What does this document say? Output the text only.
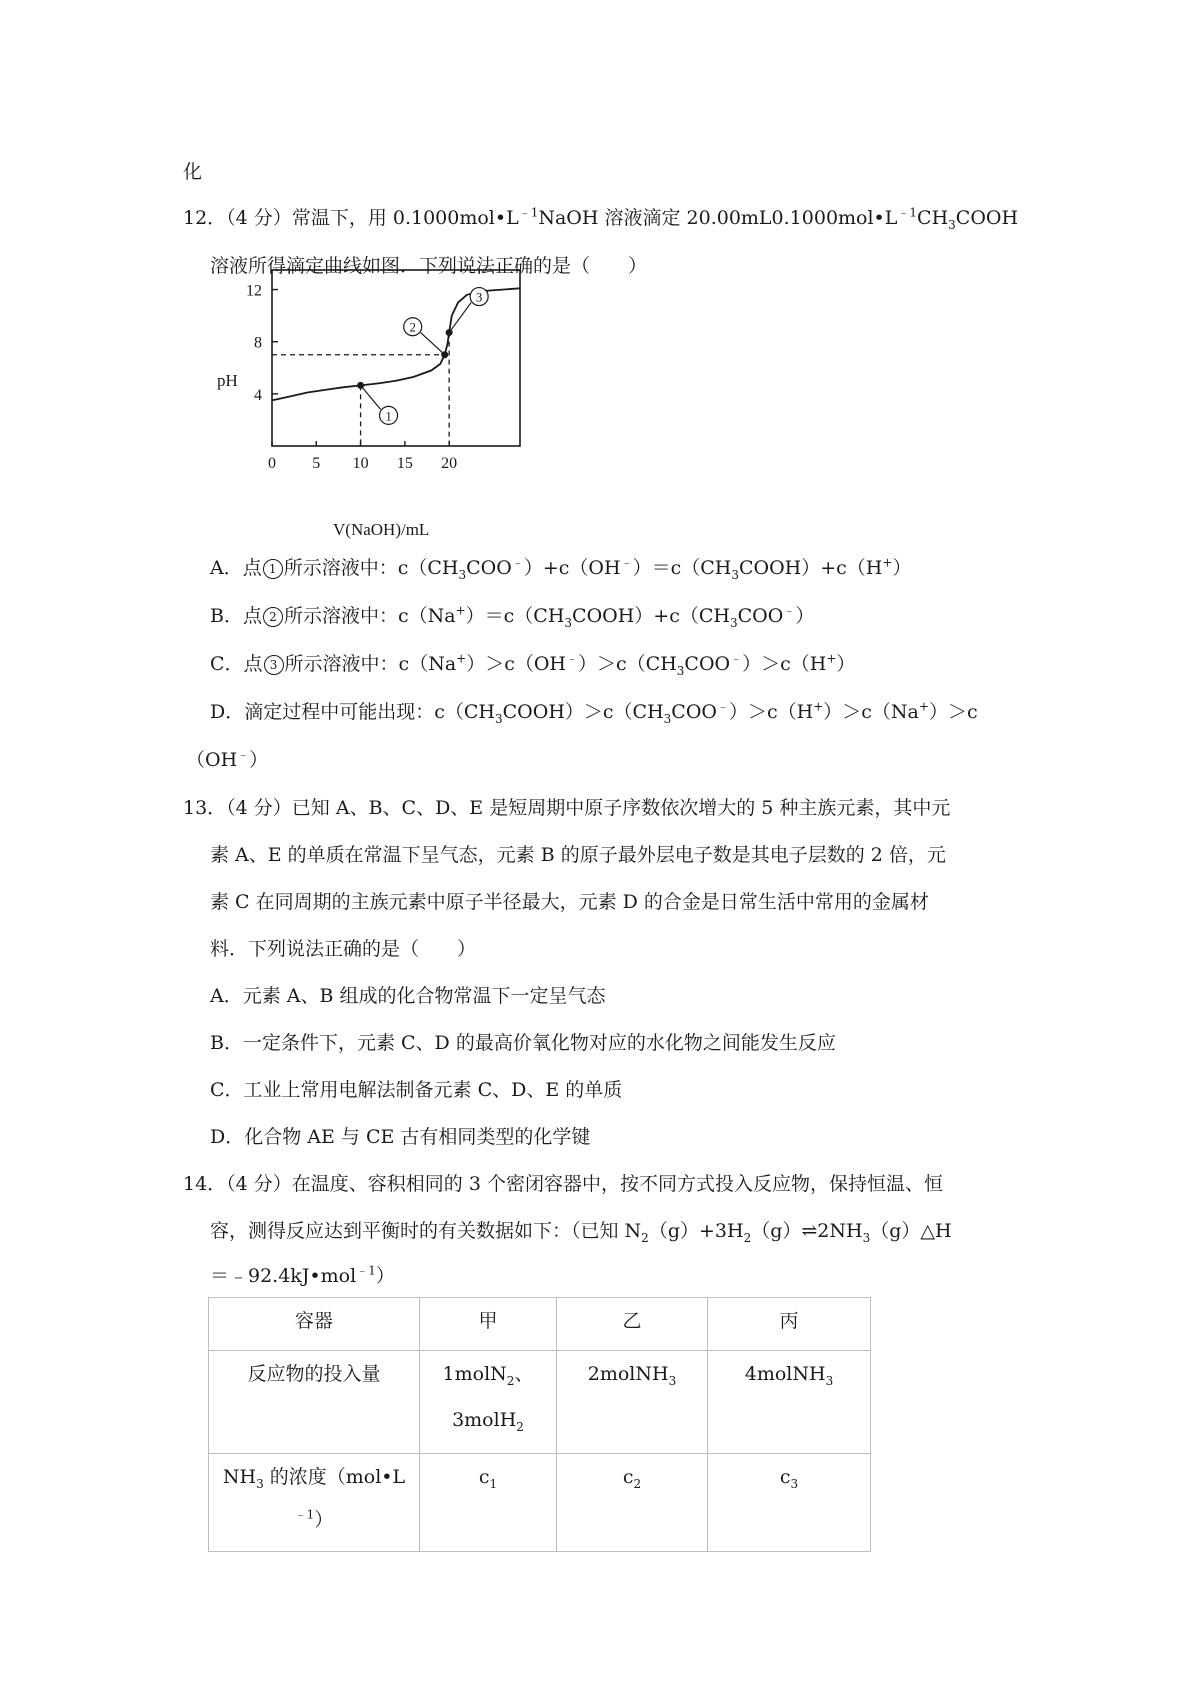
化
12．（4 分）常温下，用 $0.1000mol•L^{﹣1}NaOH$ 溶液滴定 $20.00mL0.1000mol•L^{﹣1}CH_3COOH$
溶液所得滴定曲线如图．下列说法正确的是（　　）
pH
V(NaOH)/mL
12
8
4
0 5 10 15 20
1
2
3
A．点 1 所示溶液中：$c(CH_3COO^﹣)+c(OH^﹣)=c(CH_3COOH)+c(H^+)$
B．点 2 所示溶液中：$c(Na^+)=c(CH_3COOH)+c(CH_3COO^﹣)$
C．点 3 所示溶液中：$c(Na^+)>c(OH^﹣)>c(CH_3COO^﹣)>c(H^+)$
D．滴定过程中可能出现：$c(CH_3COOH)>c(CH_3COO^﹣)>c(H^+)>c(Na^+)>c$
（OH﹣）
13．（4 分）已知 A、B、C、D、E 是短周期中原子序数依次增大的 5 种主族元素，其中元
素 A、E 的单质在常温下呈气态，元素 B 的原子最外层电子数是其电子层数的 2 倍，元
素 C 在同周期的主族元素中原子半径最大，元素 D 的合金是日常生活中常用的金属材
料．下列说法正确的是（　　）
A．元素 A、B 组成的化合物常温下一定呈气态
B．一定条件下，元素 C、D 的最高价氧化物对应的水化物之间能发生反应
C．工业上常用电解法制备元素 C、D、E 的单质
D．化合物 AE 与 CE 古有相同类型的化学键
14．（4 分）在温度、容积相同的 3 个密闭容器中，按不同方式投入反应物，保持恒温、恒
容，测得反应达到平衡时的有关数据如下：（已知 $N_2(g)+3H_2(g)\rightleftharpoons 2NH_3(g)\triangle H$
＝﹣92.4kJ•mol$^{﹣1}$）
容器	甲	乙	丙
反应物的投入量	1molN$_2$、
3molH$_2$	2molNH$_3$	4molNH$_3$

$NH_3$ 的浓度（mol•L
$^{﹣1}$）	$c_1$	$c_2$	$c_3$
